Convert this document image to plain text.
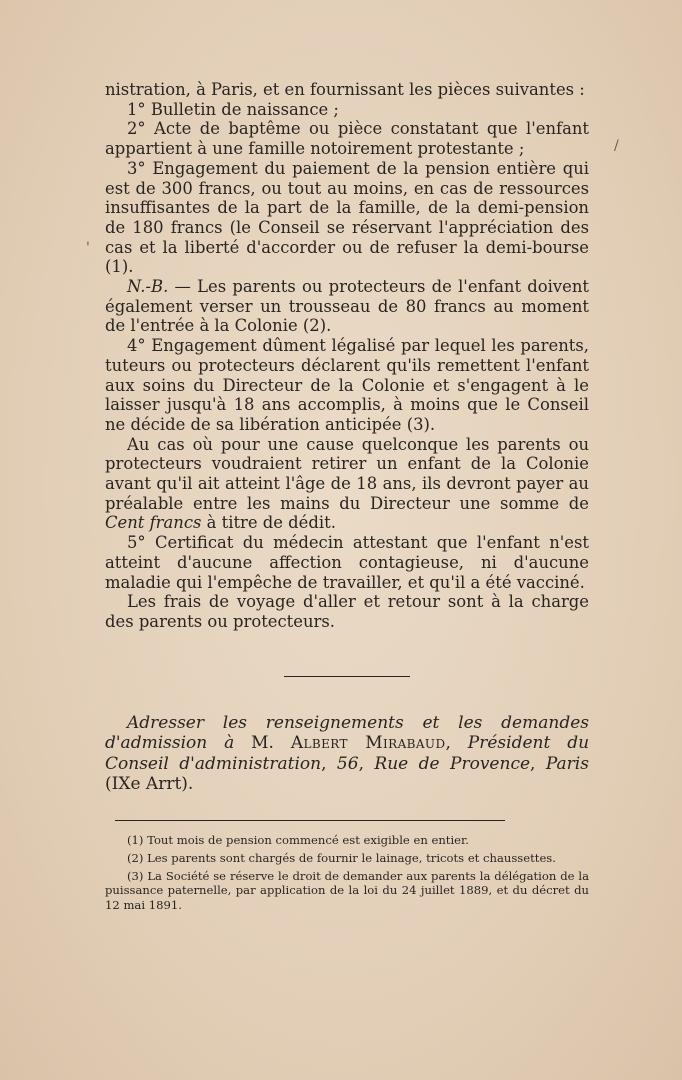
/
'

nistration, à Paris, et en fournissant les pièces suivantes :

1° Bulletin de naissance ;

2° Acte de baptême ou pièce constatant que l'enfant appartient à une famille notoirement protestante ;

3° Engagement du paiement de la pension entière qui est de 300 francs, ou tout au moins, en cas de ressources insuffisantes de la part de la famille, de la demi-pension de 180 francs (le Conseil se réservant l'appréciation des cas et la liberté d'accorder ou de refuser la demi-bourse (1).

N.-B. — Les parents ou protecteurs de l'enfant doivent également verser un trousseau de 80 francs au moment de l'entrée à la Colonie (2).

4° Engagement dûment légalisé par lequel les parents, tuteurs ou protecteurs déclarent qu'ils remettent l'enfant aux soins du Directeur de la Colonie et s'engagent à le laisser jusqu'à 18 ans accomplis, à moins que le Conseil ne décide de sa libération anticipée (3).

Au cas où pour une cause quelconque les parents ou protecteurs voudraient retirer un enfant de la Colonie avant qu'il ait atteint l'âge de 18 ans, ils devront payer au préalable entre les mains du Directeur une somme de Cent francs à titre de dédit.

5° Certificat du médecin attestant que l'enfant n'est atteint d'aucune affection contagieuse, ni d'aucune maladie qui l'empêche de travailler, et qu'il a été vacciné.

Les frais de voyage d'aller et retour sont à la charge des parents ou protecteurs.

Adresser les renseignements et les demandes d'admission à M. Albert Mirabaud, Président du Conseil d'administration, 56, Rue de Provence, Paris (IXe Arrt).

(1) Tout mois de pension commencé est exigible en entier.

(2) Les parents sont chargés de fournir le lainage, tricots et chaussettes.

(3) La Société se réserve le droit de demander aux parents la délégation de la puissance paternelle, par application de la loi du 24 juillet 1889, et du décret du 12 mai 1891.
